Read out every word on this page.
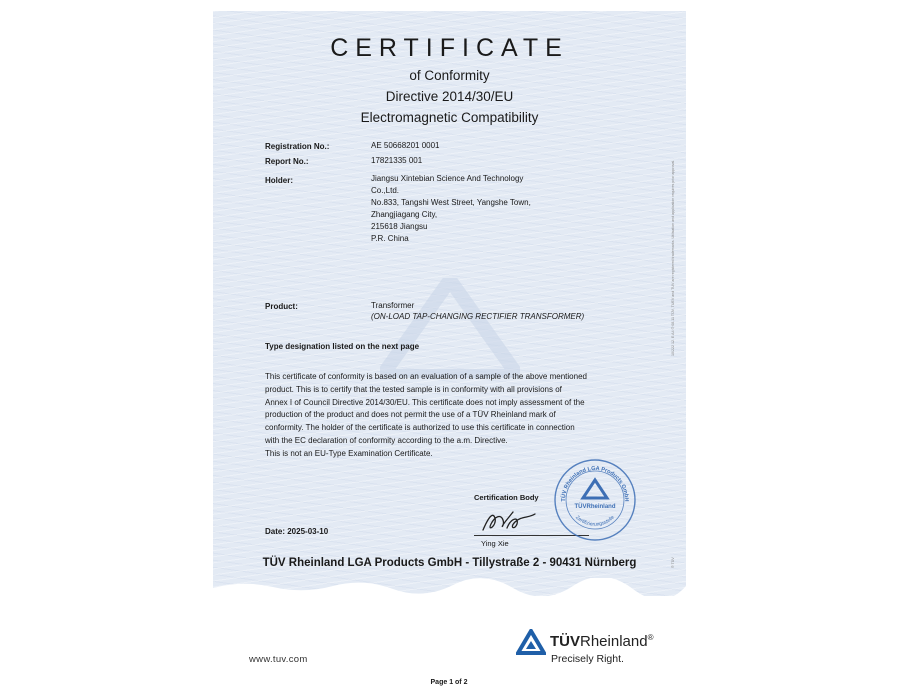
CERTIFICATE
of Conformity
Directive 2014/30/EU
Electromagnetic Compatibility
Registration No.:	AE 50668201 0001
Report No.:	17821335 001
Holder:	Jiangsu Xintebian Science And Technology
Co.,Ltd.
No.833, Tangshi West Street, Yangshe Town,
Zhangjiagang City,
215618 Jiangsu
P.R. China
Product:	Transformer
(ON-LOAD TAP-CHANGING RECTIFIER TRANSFORMER)
Type designation listed on the next page
This certificate of conformity is based on an evaluation of a sample of the above mentioned
product. This is to certify that the tested sample is in conformity with all provisions of
Annex I of Council Directive 2014/30/EU. This certificate does not imply assessment of the
production of the product and does not permit the use of a TÜV Rheinland mark of
conformity. The holder of the certificate is authorized to use this certificate in connection
with the EC declaration of conformity according to the a.m. Directive.
This is not an EU-Type Examination Certificate.
Certification Body
Ying Xie
Date: 2025-03-10
TÜV Rheinland LGA Products GmbH
TÜVRheinland
Zertifizierungsstelle
TÜV Rheinland LGA Products GmbH - Tillystraße 2 - 90431 Nürnberg
10/222 12. E A4 ® 08.11 TÜV, TUEV and TUV are registered trademarks. Utilisation and application requires prior approval.
® TÜV
www.tuv.com
TÜVRheinland®
Precisely Right.
Page 1 of 2
